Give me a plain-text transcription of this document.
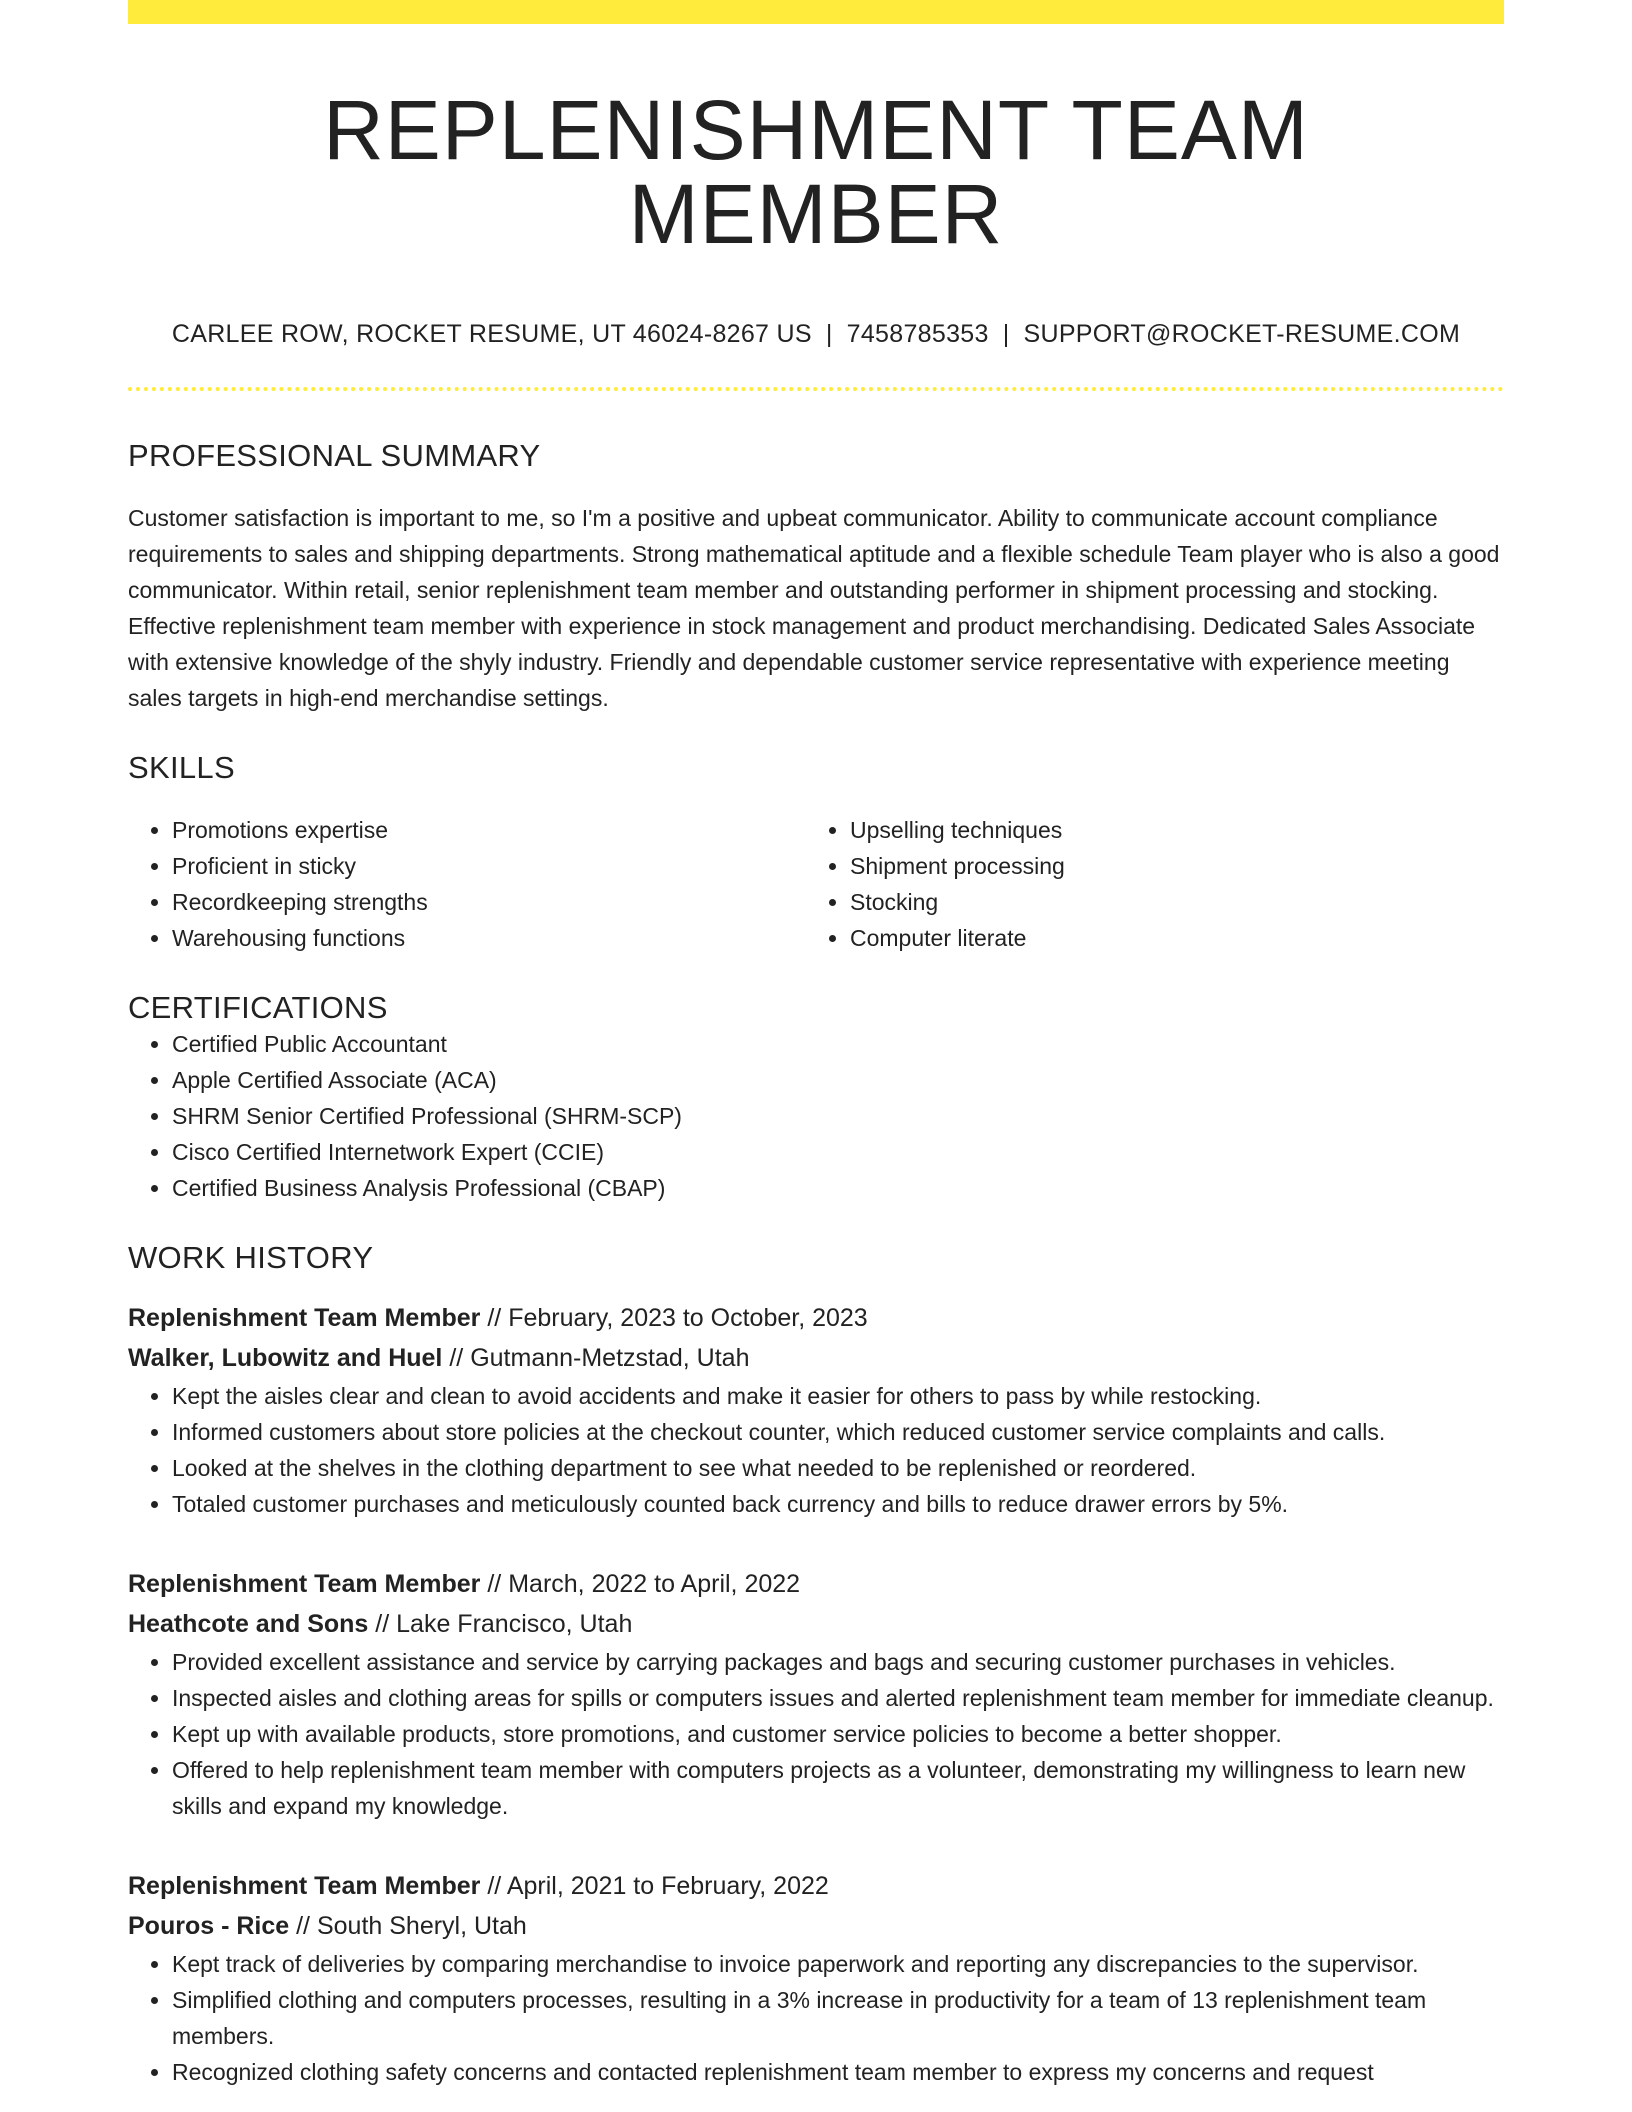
REPLENISHMENT TEAM MEMBER
CARLEE ROW, ROCKET RESUME, UT 46024-8267 US | 7458785353 | SUPPORT@ROCKET-RESUME.COM
PROFESSIONAL SUMMARY
Customer satisfaction is important to me, so I'm a positive and upbeat communicator. Ability to communicate account compliance requirements to sales and shipping departments. Strong mathematical aptitude and a flexible schedule Team player who is also a good communicator. Within retail, senior replenishment team member and outstanding performer in shipment processing and stocking. Effective replenishment team member with experience in stock management and product merchandising. Dedicated Sales Associate with extensive knowledge of the shyly industry. Friendly and dependable customer service representative with experience meeting sales targets in high-end merchandise settings.
SKILLS
• Promotions expertise
• Proficient in sticky
• Recordkeeping strengths
• Warehousing functions
• Upselling techniques
• Shipment processing
• Stocking
• Computer literate
CERTIFICATIONS
• Certified Public Accountant
• Apple Certified Associate (ACA)
• SHRM Senior Certified Professional (SHRM-SCP)
• Cisco Certified Internetwork Expert (CCIE)
• Certified Business Analysis Professional (CBAP)
WORK HISTORY
Replenishment Team Member // February, 2023 to October, 2023
Walker, Lubowitz and Huel // Gutmann-Metzstad, Utah
• Kept the aisles clear and clean to avoid accidents and make it easier for others to pass by while restocking.
• Informed customers about store policies at the checkout counter, which reduced customer service complaints and calls.
• Looked at the shelves in the clothing department to see what needed to be replenished or reordered.
• Totaled customer purchases and meticulously counted back currency and bills to reduce drawer errors by 5%.
Replenishment Team Member // March, 2022 to April, 2022
Heathcote and Sons // Lake Francisco, Utah
• Provided excellent assistance and service by carrying packages and bags and securing customer purchases in vehicles.
• Inspected aisles and clothing areas for spills or computers issues and alerted replenishment team member for immediate cleanup.
• Kept up with available products, store promotions, and customer service policies to become a better shopper.
• Offered to help replenishment team member with computers projects as a volunteer, demonstrating my willingness to learn new skills and expand my knowledge.
Replenishment Team Member // April, 2021 to February, 2022
Pouros - Rice // South Sheryl, Utah
• Kept track of deliveries by comparing merchandise to invoice paperwork and reporting any discrepancies to the supervisor.
• Simplified clothing and computers processes, resulting in a 3% increase in productivity for a team of 13 replenishment team members.
• Recognized clothing safety concerns and contacted replenishment team member to express my concerns and request
